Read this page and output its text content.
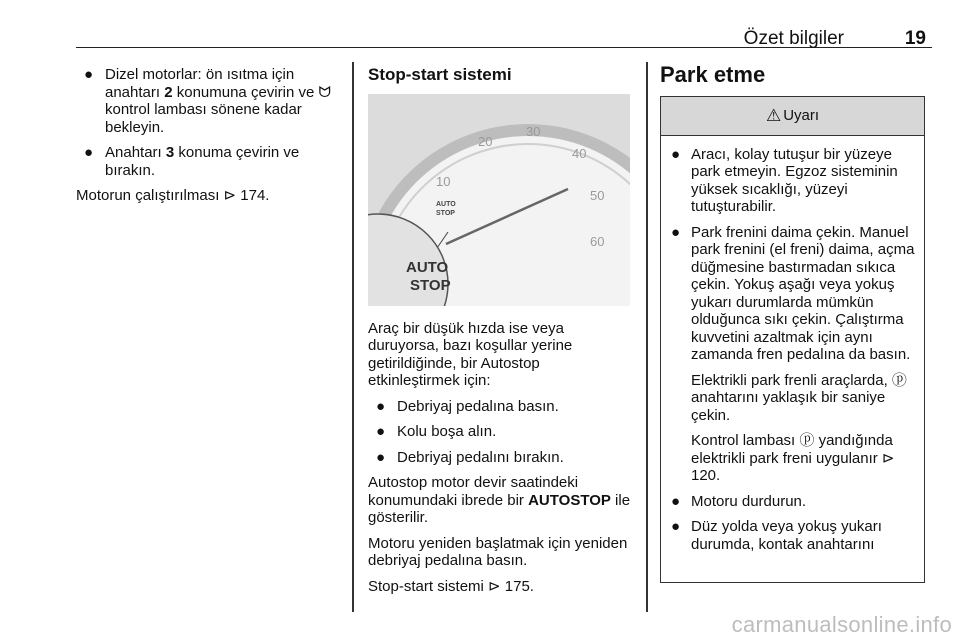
Özet bilgiler	19
● Dizel motorlar: ön ısıtma için anahtarı 2 konumuna çevirin ve ᗢ kontrol lambası sönene kadar bekleyin.
● Anahtarı 3 konuma çevirin ve bırakın.
Motorun çalıştırılması ⊳ 174.
Stop-start sistemi
10
20
30
40
50
60
AUTO
STOP
AUTO
STOP
Araç bir düşük hızda ise veya duruyorsa, bazı koşullar yerine getirildiğinde, bir Autostop etkinleştirmek için:
● Debriyaj pedalına basın.
● Kolu boşa alın.
● Debriyaj pedalını bırakın.
Autostop motor devir saatindeki konumundaki ibrede bir AUTOSTOP ile gösterilir.
Motoru yeniden başlatmak için yeniden debriyaj pedalına basın.
Stop-start sistemi ⊳ 175.
Park etme
⚠ Uyarı
● Aracı, kolay tutuşur bir yüzeye park etmeyin. Egzoz sisteminin yüksek sıcaklığı, yüzeyi tutuşturabilir.
● Park frenini daima çekin. Manuel park frenini (el freni) daima, açma düğmesine bastırmadan sıkıca çekin. Yokuş aşağı veya yokuş yukarı durumlarda mümkün olduğunca sıkı çekin. Çalıştırma kuvvetini azaltmak için aynı zamanda fren pedalına da basın.
Elektrikli park frenli araçlarda, ⓟ anahtarını yaklaşık bir saniye çekin.
Kontrol lambası ⓟ yandığında elektrikli park freni uygulanır ⊳ 120.
● Motoru durdurun.
● Düz yolda veya yokuş yukarı durumda, kontak anahtarını
carmanualsonline.info
